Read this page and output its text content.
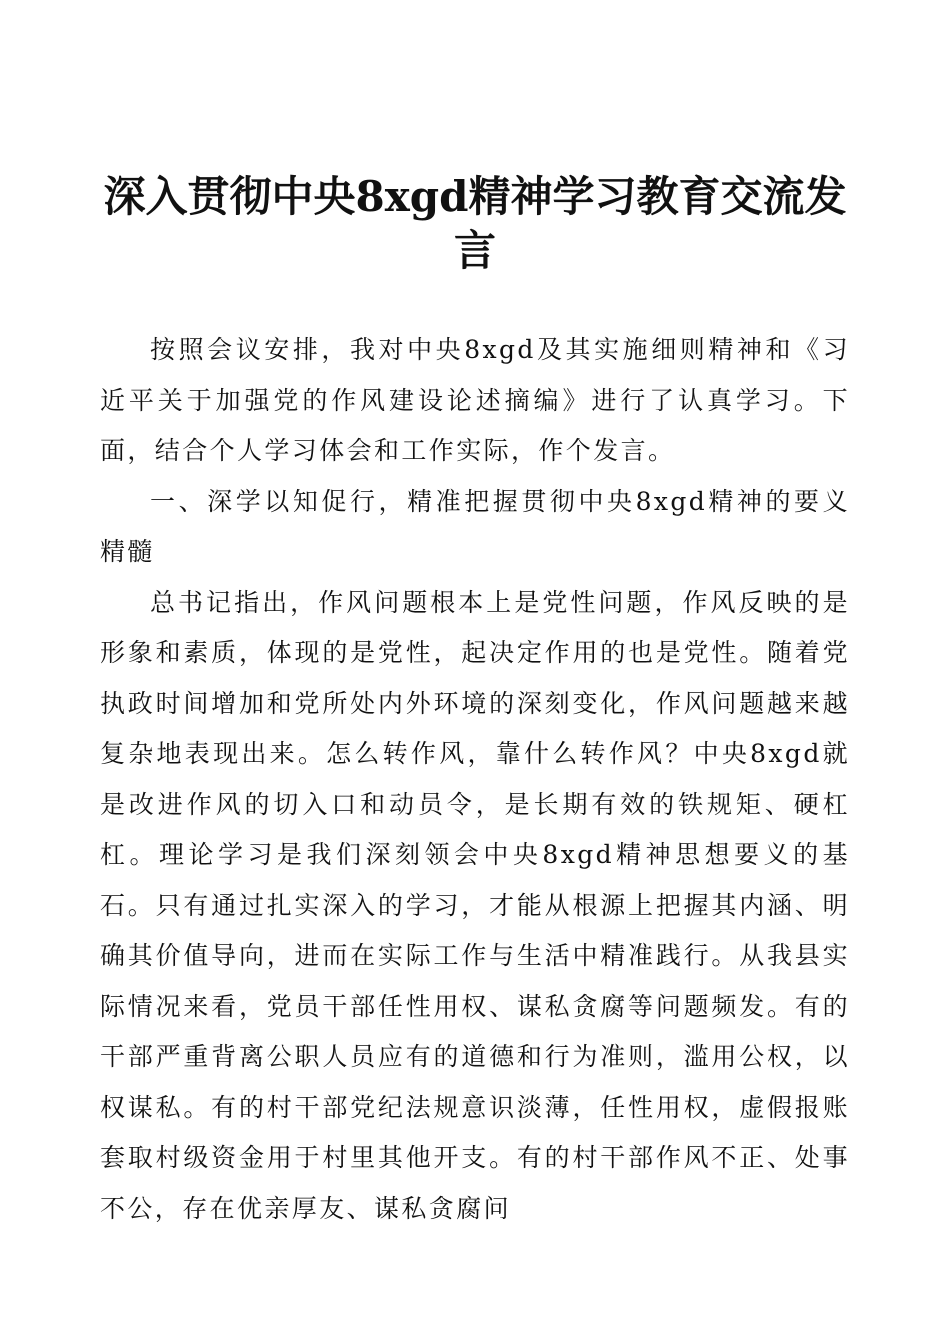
深入贯彻中央8xgd精神学习教育交流发言

按照会议安排，我对中央8xgd及其实施细则精神和《习近平关于加强党的作风建设论述摘编》进行了认真学习。下面，结合个人学习体会和工作实际，作个发言。

一、深学以知促行，精准把握贯彻中央8xgd精神的要义精髓

总书记指出，作风问题根本上是党性问题，作风反映的是形象和素质，体现的是党性，起决定作用的也是党性。随着党执政时间增加和党所处内外环境的深刻变化，作风问题越来越复杂地表现出来。怎么转作风，靠什么转作风？中央8xgd就是改进作风的切入口和动员令，是长期有效的铁规矩、硬杠杠。理论学习是我们深刻领会中央8xgd精神思想要义的基石。只有通过扎实深入的学习，才能从根源上把握其内涵、明确其价值导向，进而在实际工作与生活中精准践行。从我县实际情况来看，党员干部任性用权、谋私贪腐等问题频发。有的干部严重背离公职人员应有的道德和行为准则，滥用公权，以权谋私。有的村干部党纪法规意识淡薄，任性用权，虚假报账套取村级资金用于村里其他开支。有的村干部作风不正、处事不公，存在优亲厚友、谋私贪腐问
